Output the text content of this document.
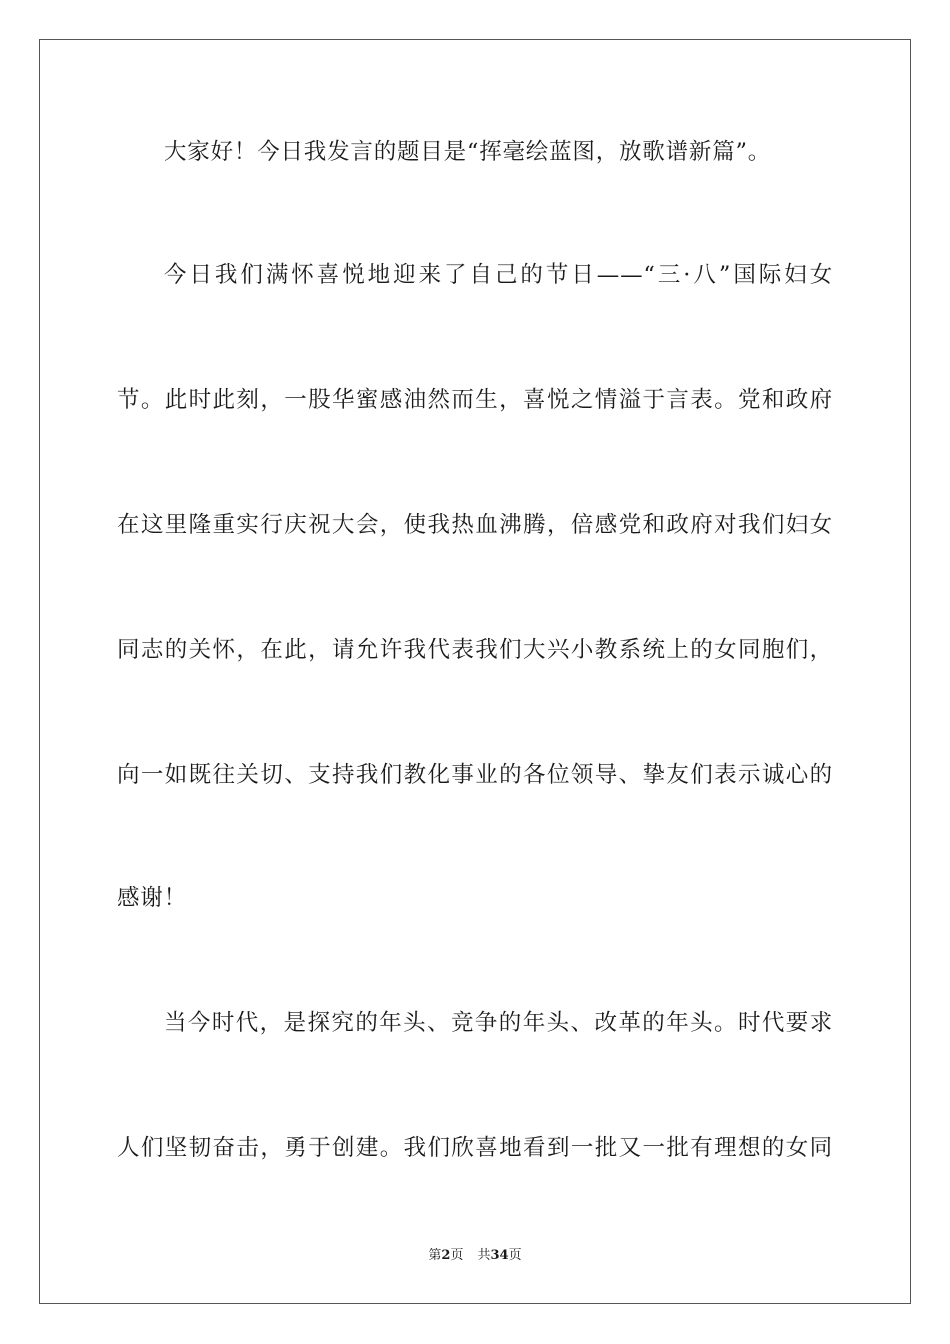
大家好！今日我发言的题目是“挥毫绘蓝图，放歌谱新篇”。
今日我们满怀喜悦地迎来了自己的节日——“三·八”国际妇女
节。此时此刻，一股华蜜感油然而生，喜悦之情溢于言表。党和政府
在这里隆重实行庆祝大会，使我热血沸腾，倍感党和政府对我们妇女
同志的关怀，在此，请允许我代表我们大兴小教系统上的女同胞们，
向一如既往关切、支持我们教化事业的各位领导、挚友们表示诚心的
感谢！
当今时代，是探究的年头、竞争的年头、改革的年头。时代要求
人们坚韧奋击，勇于创建。我们欣喜地看到一批又一批有理想的女同
第2页 共34页
